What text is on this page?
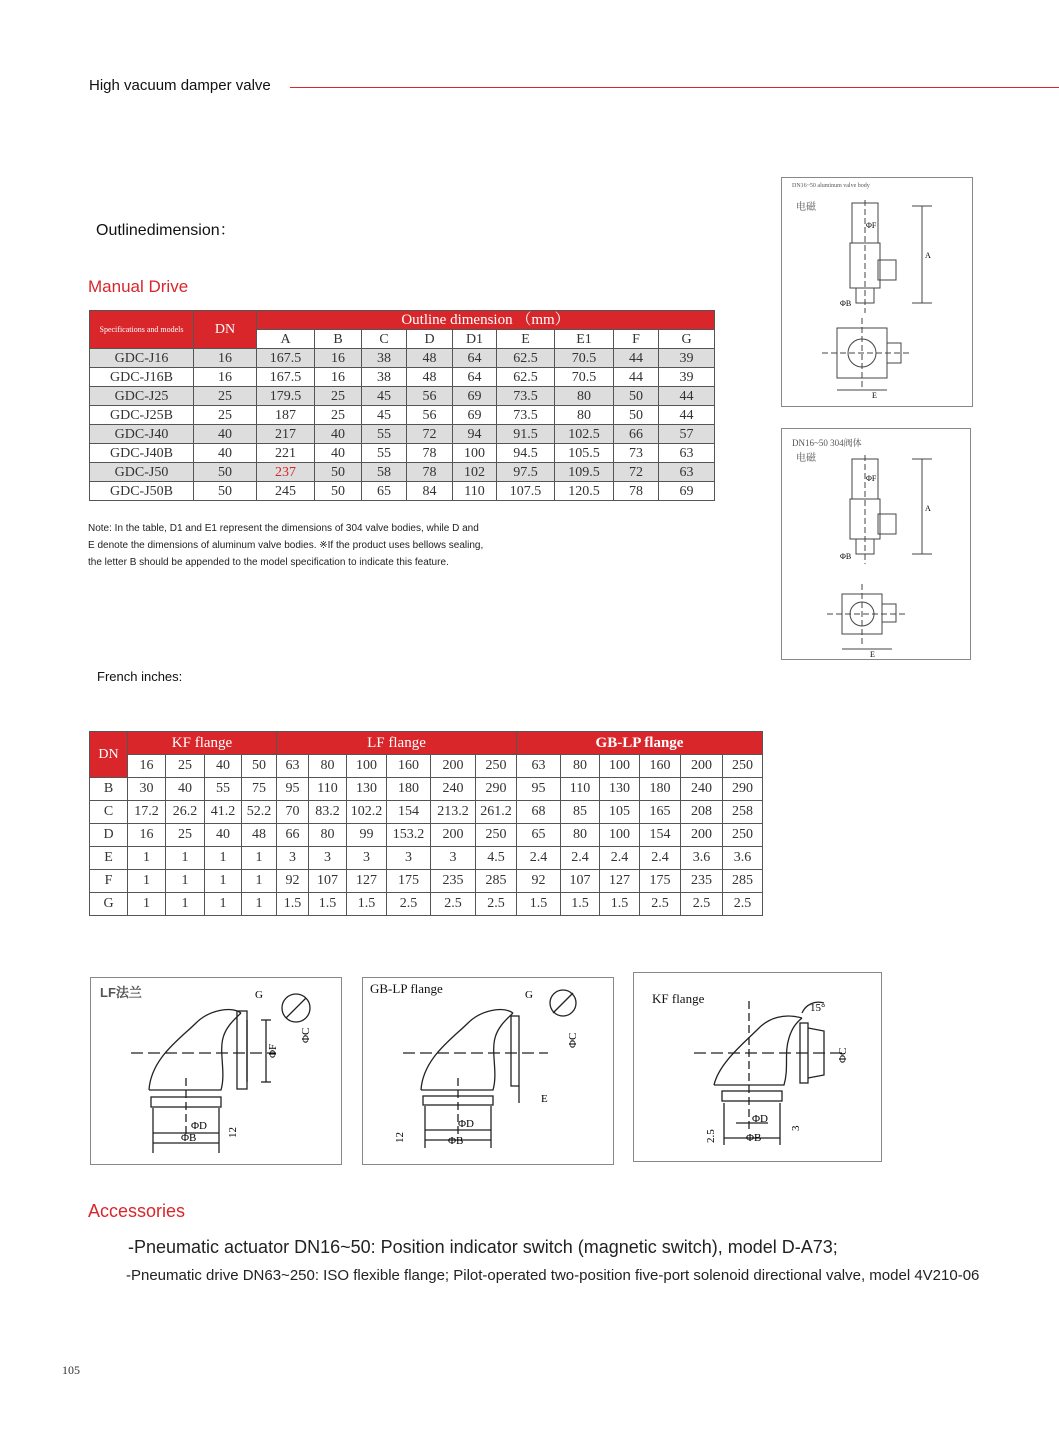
High vacuum damper valve
Outlinedimension：
Manual Drive
Specifications and models	DN	Outline dimension （mm）								
		A	B	C	D	D1	E	E1	F	G
GDC-J16	16	167.5	16	38	48	64	62.5	70.5	44	39
GDC-J16B	16	167.5	16	38	48	64	62.5	70.5	44	39
GDC-J25	25	179.5	25	45	56	69	73.5	80	50	44
GDC-J25B	25	187	25	45	56	69	73.5	80	50	44
GDC-J40	40	217	40	55	72	94	91.5	102.5	66	57
GDC-J40B	40	221	40	55	78	100	94.5	105.5	73	63
GDC-J50	50	237	50	58	78	102	97.5	109.5	72	63
GDC-J50B	50	245	50	65	84	110	107.5	120.5	78	69
Note: In the table, D1 and E1 represent the dimensions of 304 valve bodies, while D and
E denote the dimensions of aluminum valve bodies. ※If the product uses bellows sealing,
the letter B should be appended to the model specification to indicate this feature.
French inches:
DN	KF flange				LF flange						GB-LP flange					
	16	25	40	50	63	80	100	160	200	250	63	80	100	160	200	250
B	30	40	55	75	95	110	130	180	240	290	95	110	130	180	240	290
C	17.2	26.2	41.2	52.2	70	83.2	102.2	154	213.2	261.2	68	85	105	165	208	258
D	16	25	40	48	66	80	99	153.2	200	250	65	80	100	154	200	250
E	1	1	1	1	3	3	3	3	3	4.5	2.4	2.4	2.4	2.4	3.6	3.6
F	1	1	1	1	92	107	127	175	235	285	92	107	127	175	235	285
G	1	1	1	1	1.5	1.5	1.5	2.5	2.5	2.5	1.5	1.5	1.5	2.5	2.5	2.5
LF法兰
ΦD
ΦB
G
ΦF
ΦC
12
GB-LP flange
ΦD
ΦB
G
E
ΦC
12
KF flange
15°
ΦD
ΦB
ΦC
2.5
3
DN16~50 aluminum valve body
电磁
A
ΦF
ΦB
E
DN16~50 304阀体
电磁
A
ΦF
ΦB
E
Accessories
-Pneumatic actuator DN16~50: Position indicator switch (magnetic switch), model D-A73;
-Pneumatic drive DN63~250: ISO flexible flange; Pilot-operated two-position five-port solenoid directional valve, model 4V210-06
105
